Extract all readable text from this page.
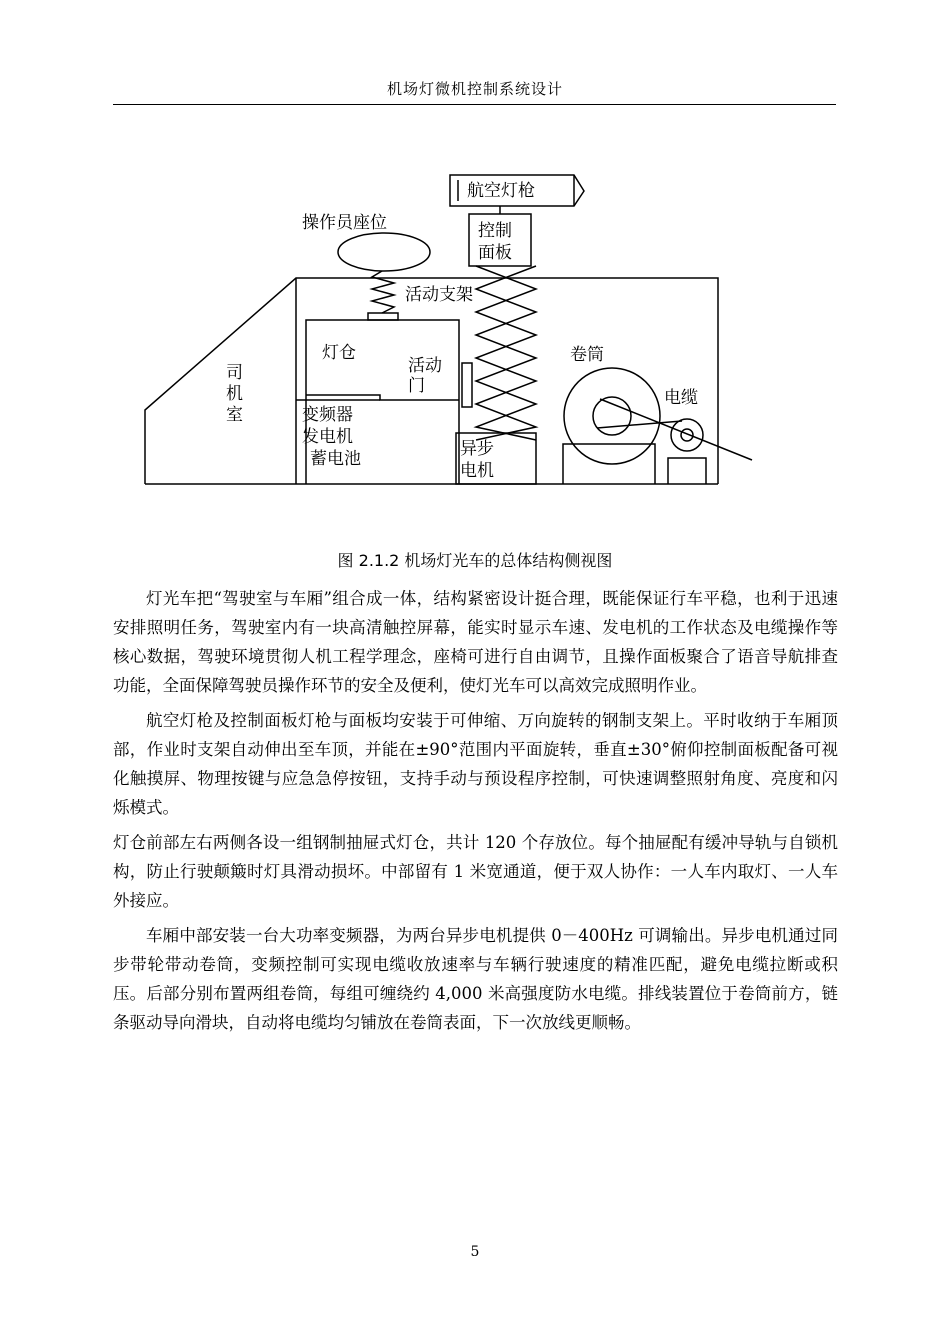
机场灯微机控制系统设计
航空灯枪
控制
面板
操作员座位
活动支架
司
机
室
灯仓
活动
门
变频器
发电机
蓄电池	异步
电机
卷筒
电缆
图 2.1.2 机场灯光车的总体结构侧视图

灯光车把“驾驶室与车厢”组合成一体，结构紧密设计挺合理，既能保证行车平稳，也利于迅速安排照明任务，驾驶室内有一块高清触控屏幕，能实时显示车速、发电机的工作状态及电缆操作等核心数据，驾驶环境贯彻人机工程学理念，座椅可进行自由调节，且操作面板聚合了语音导航排查功能，全面保障驾驶员操作环节的安全及便利，使灯光车可以高效完成照明作业。

航空灯枪及控制面板灯枪与面板均安装于可伸缩、万向旋转的钢制支架上。平时收纳于车厢顶部，作业时支架自动伸出至车顶，并能在±90°范围内平面旋转，垂直±30°俯仰控制面板配备可视化触摸屏、物理按键与应急急停按钮，支持手动与预设程序控制，可快速调整照射角度、亮度和闪烁模式。

灯仓前部左右两侧各设一组钢制抽屉式灯仓，共计 120 个存放位。每个抽屉配有缓冲导轨与自锁机构，防止行驶颠簸时灯具滑动损坏。中部留有 1 米宽通道，便于双人协作：一人车内取灯、一人车外接应。

车厢中部安装一台大功率变频器，为两台异步电机提供 0－400Hz 可调输出。异步电机通过同步带轮带动卷筒，变频控制可实现电缆收放速率与车辆行驶速度的精准匹配，避免电缆拉断或积压。后部分别布置两组卷筒，每组可缠绕约 4,000 米高强度防水电缆。排线装置位于卷筒前方，链条驱动导向滑块，自动将电缆均匀铺放在卷筒表面，下一次放线更顺畅。

5
